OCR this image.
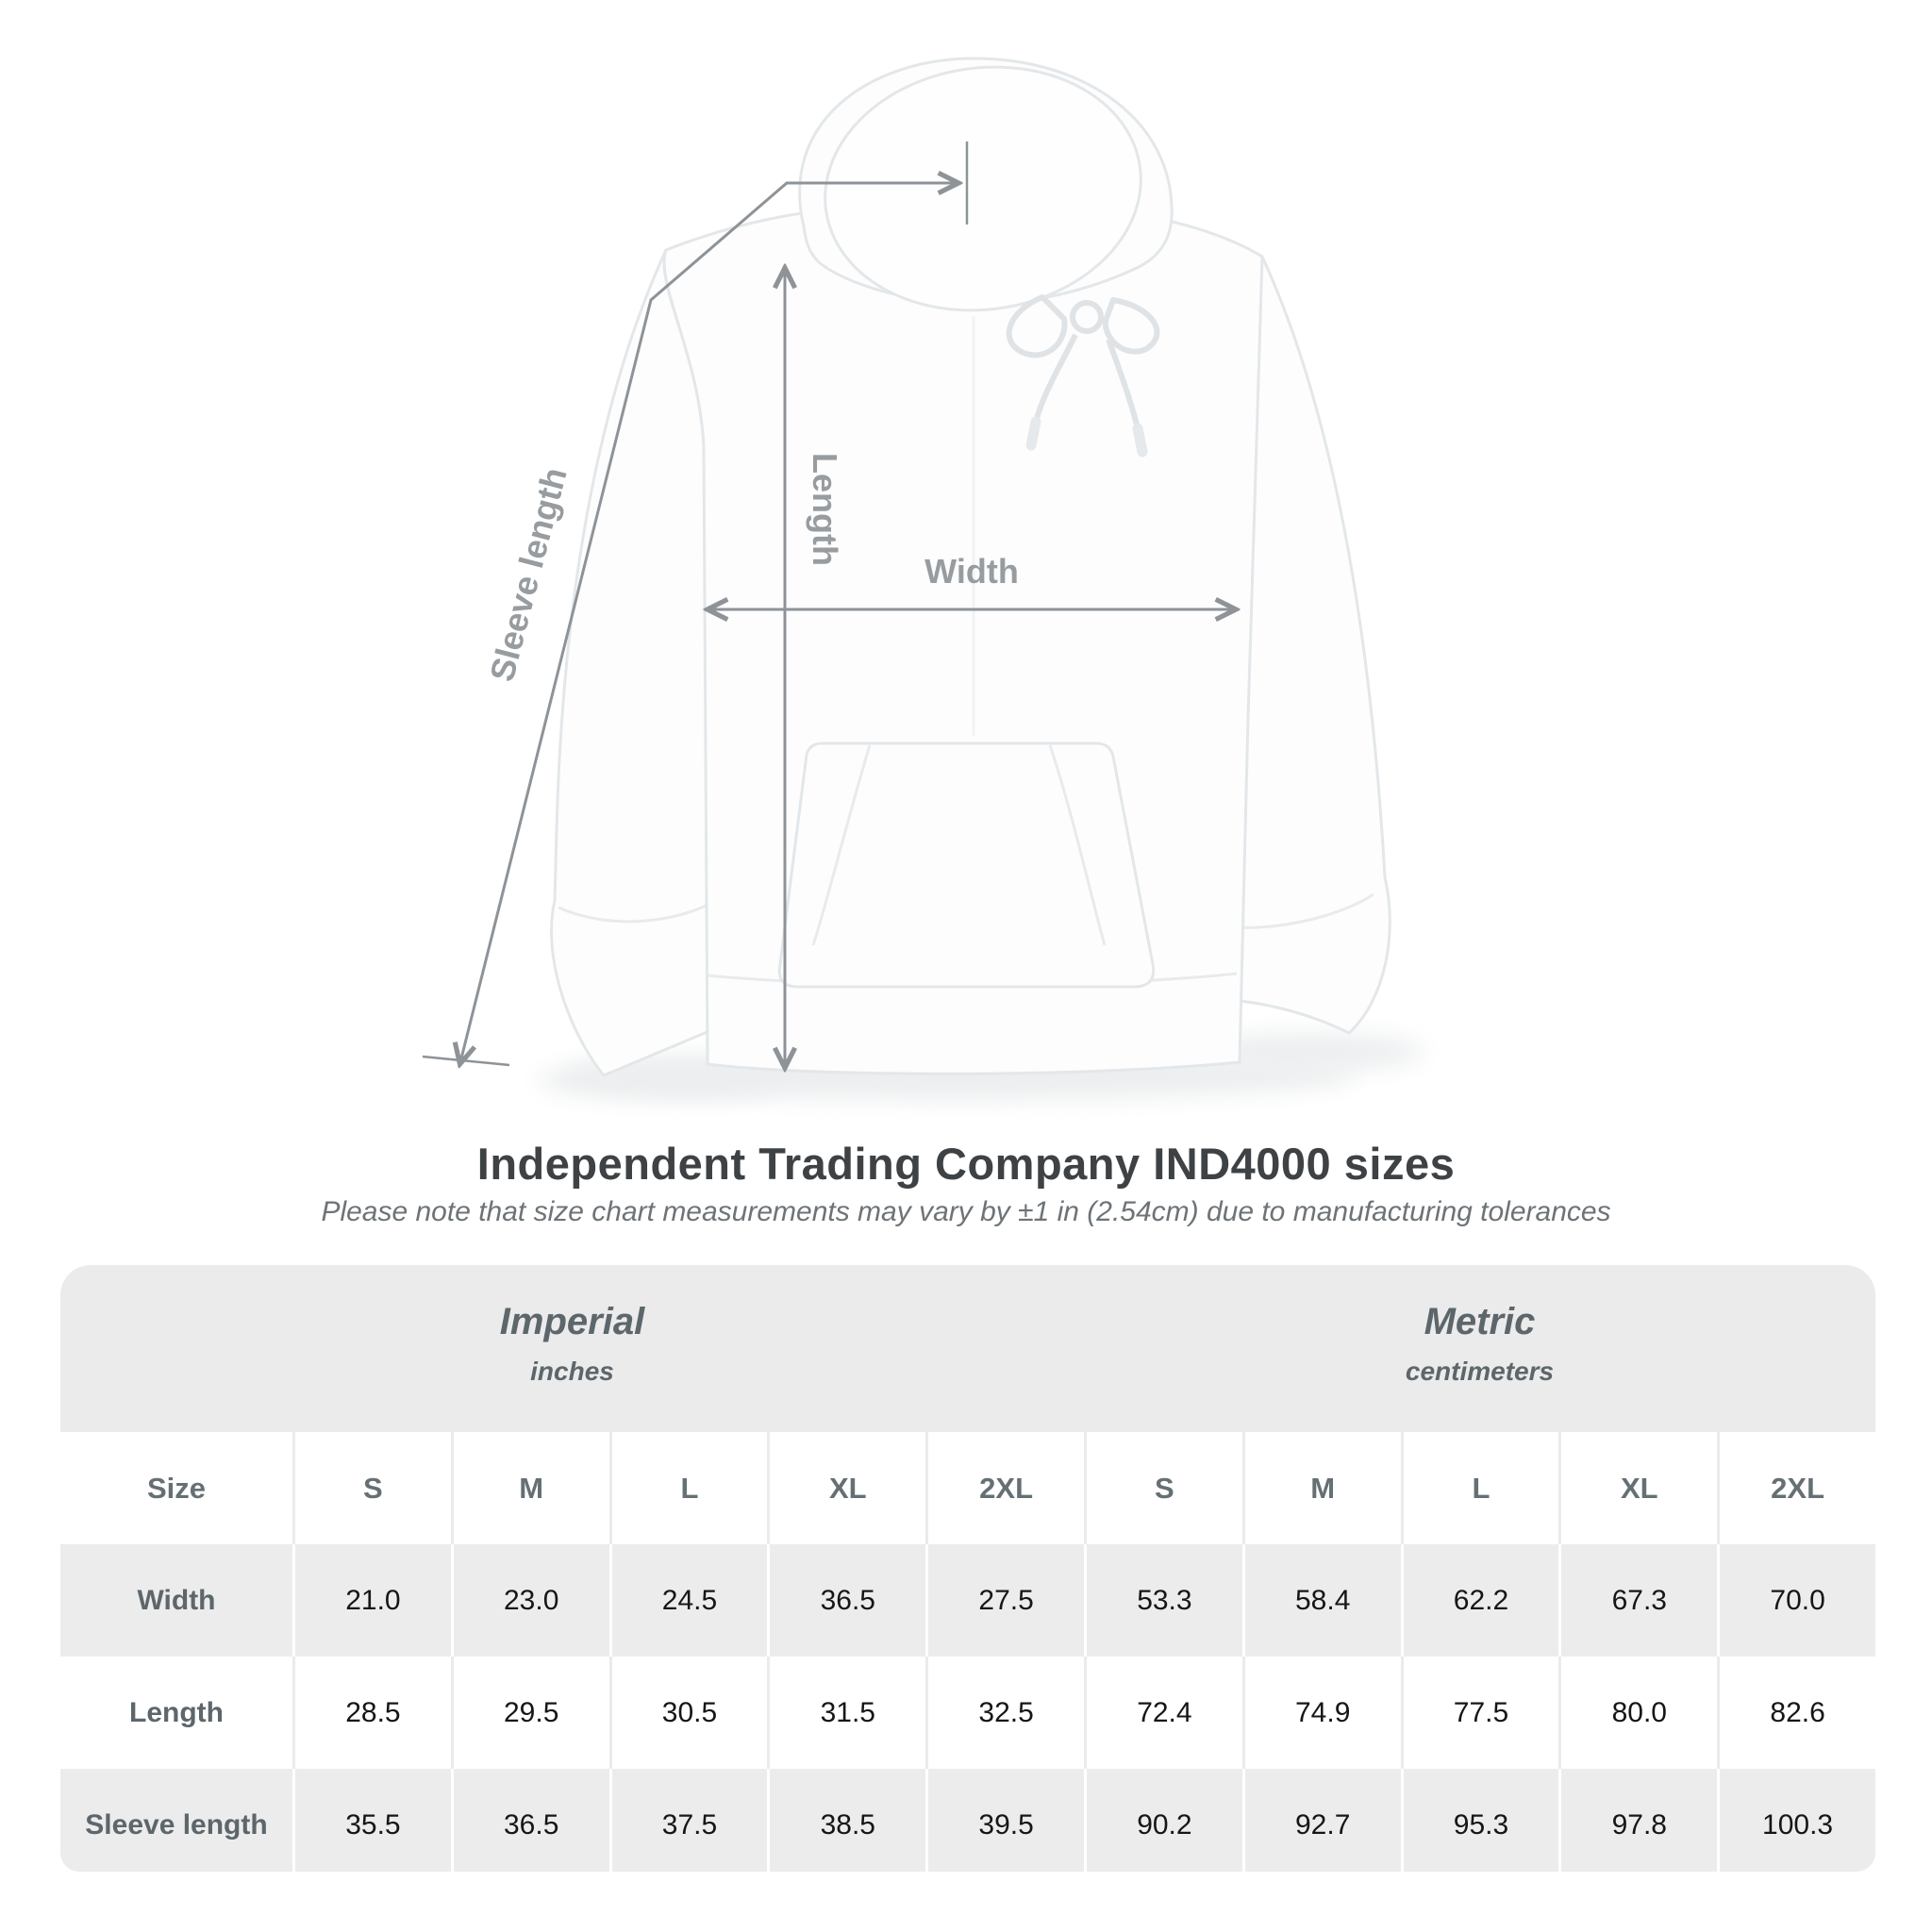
Length
Width
Sleeve length
Independent Trading Company IND4000 sizes
Please note that size chart measurements may vary by ±1 in (2.54cm) due to manufacturing tolerances
Imperial
inches

Metric
centimeters

Size	S	M	L	XL	2XL	S	M	L	XL	2XL
Width	21.0	23.0	24.5	36.5	27.5	53.3	58.4	62.2	67.3	70.0
Length	28.5	29.5	30.5	31.5	32.5	72.4	74.9	77.5	80.0	82.6
Sleeve length	35.5	36.5	37.5	38.5	39.5	90.2	92.7	95.3	97.8	100.3
